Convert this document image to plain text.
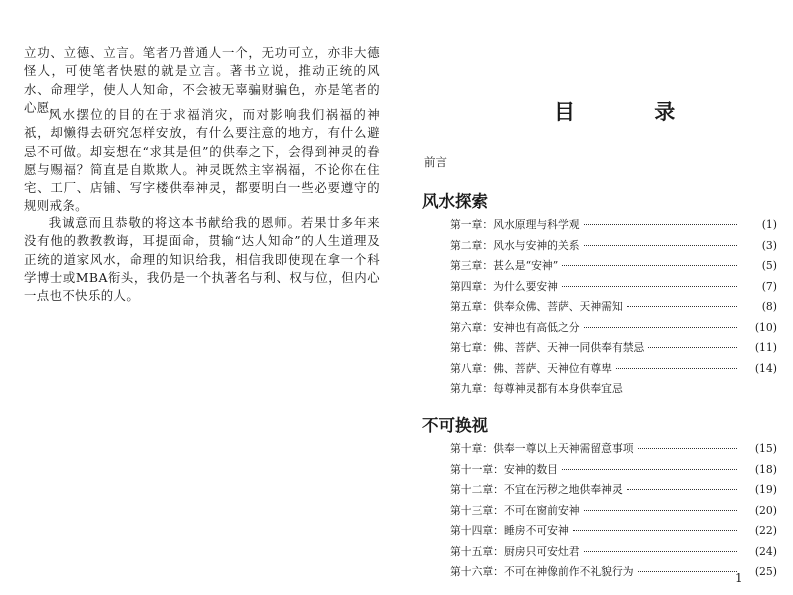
立功、立德、立言。笔者乃普通人一个，无功可立，亦非大德怪人，可使笔者快慰的就是立言。著书立说，推动正统的风水、命理学，使人人知命，不会被无辜骗财骗色，亦是笔者的心愿。

风水摆位的目的在于求福消灾，而对影响我们祸福的神祇，却懒得去研究怎样安放，有什么要注意的地方，有什么避忌不可做。却妄想在“求其是但”的供奉之下，会得到神灵的眷愿与赐福？简直是自欺欺人。神灵既然主宰祸福，不论你在住宅、工厂、店铺、写字楼供奉神灵，都要明白一些必要遵守的规则戒条。

我诚意而且恭敬的将这本书献给我的恩师。若果廿多年来没有他的教教教诲，耳提面命，贯输“达人知命”的人生道理及正统的道家风水，命理的知识给我，相信我即使现在拿一个科学博士或MBA衔头，我仍是一个执著名与利、权与位，但内心一点也不快乐的人。

目 录
前言
风水探索
第一章：风水原理与科学观	(1)
第二章：风水与安神的关系	(3)
第三章：甚么是“安神”	(5)
第四章：为什么要安神	(7)
第五章：供奉众佛、菩萨、天神需知	(8)
第六章：安神也有高低之分	(10)
第七章：佛、菩萨、天神一同供奉有禁忌	(11)
第八章：佛、菩萨、天神位有尊卑	(14)
第九章：每尊神灵都有本身供奉宜忌
不可换视
第十章：供奉一尊以上天神需留意事项	(15)
第十一章：安神的数目	(18)
第十二章：不宜在污秽之地供奉神灵	(19)
第十三章：不可在窗前安神	(20)
第十四章：睡房不可安神	(22)
第十五章：厨房只可安灶君	(24)
第十六章：不可在神像前作不礼貌行为	(25)
1
